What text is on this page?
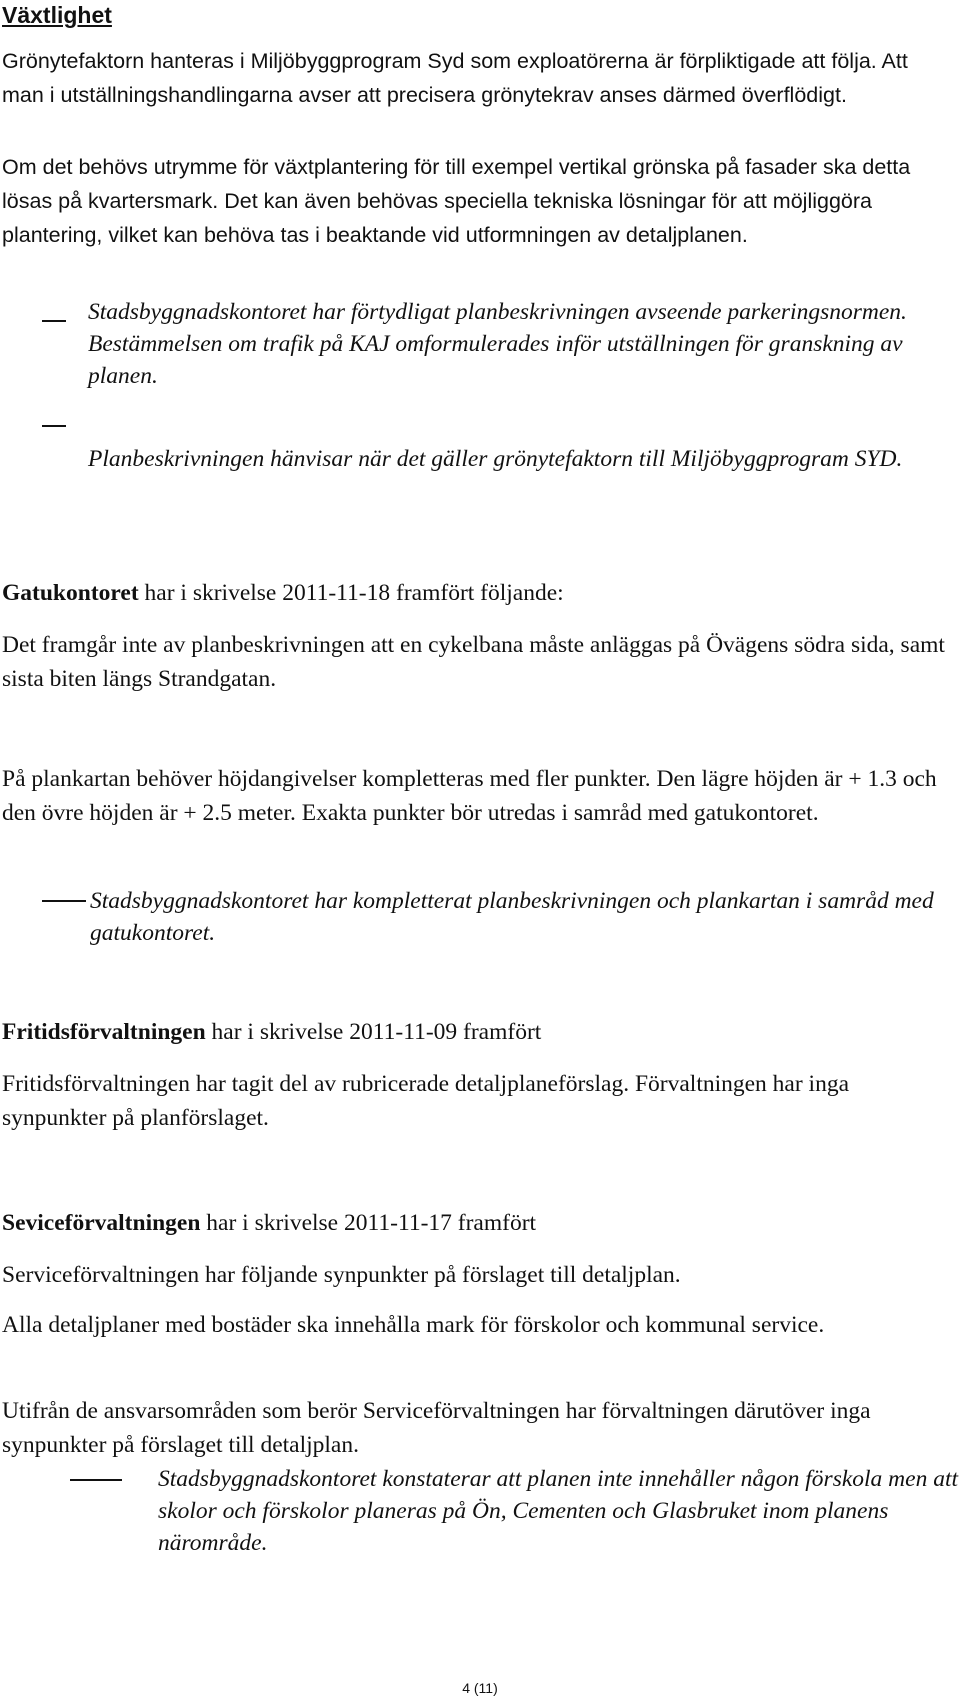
Växtlighet

Grönytefaktorn hanteras i Miljöbyggprogram Syd som exploatörerna är förpliktigade att följa. Att man i utställningshandlingarna avser att precisera grönytekrav anses därmed överflödigt.

Om det behövs utrymme för växtplantering för till exempel vertikal grönska på fasader ska detta lösas på kvartersmark. Det kan även behövas speciella tekniska lösningar för att möjliggöra plantering, vilket kan behöva tas i beaktande vid utformningen av detaljplanen.

Stadsbyggnadskontoret har förtydligat planbeskrivningen avseende parkeringsnormen. Bestämmelsen om trafik på KAJ omformulerades inför utställningen för granskning av planen.

Planbeskrivningen hänvisar när det gäller grönytefaktorn till Miljöbyggprogram SYD.

Gatukontoret har i skrivelse 2011-11-18 framfört följande:

Det framgår inte av planbeskrivningen att en cykelbana måste anläggas på Övägens södra sida, samt sista biten längs Strandgatan.

På plankartan behöver höjdangivelser kompletteras med fler punkter. Den lägre höjden är + 1.3 och den övre höjden är + 2.5 meter. Exakta punkter bör utredas i samråd med gatukontoret.

Stadsbyggnadskontoret har kompletterat planbeskrivningen och plankartan i samråd med gatukontoret.

Fritidsförvaltningen har i skrivelse 2011-11-09 framfört

Fritidsförvaltningen har tagit del av rubricerade detaljplaneförslag. Förvaltningen har inga synpunkter på planförslaget.

Seviceförvaltningen har i skrivelse 2011-11-17 framfört

Serviceförvaltningen har följande synpunkter på förslaget till detaljplan.

Alla detaljplaner med bostäder ska innehålla mark för förskolor och kommunal service.

Utifrån de ansvarsområden som berör Serviceförvaltningen har förvaltningen därutöver inga synpunkter på förslaget till detaljplan.

Stadsbyggnadskontoret konstaterar att planen inte innehåller någon förskola men att skolor och förskolor planeras på Ön, Cementen och Glasbruket inom planens närområde.

4 (11)
